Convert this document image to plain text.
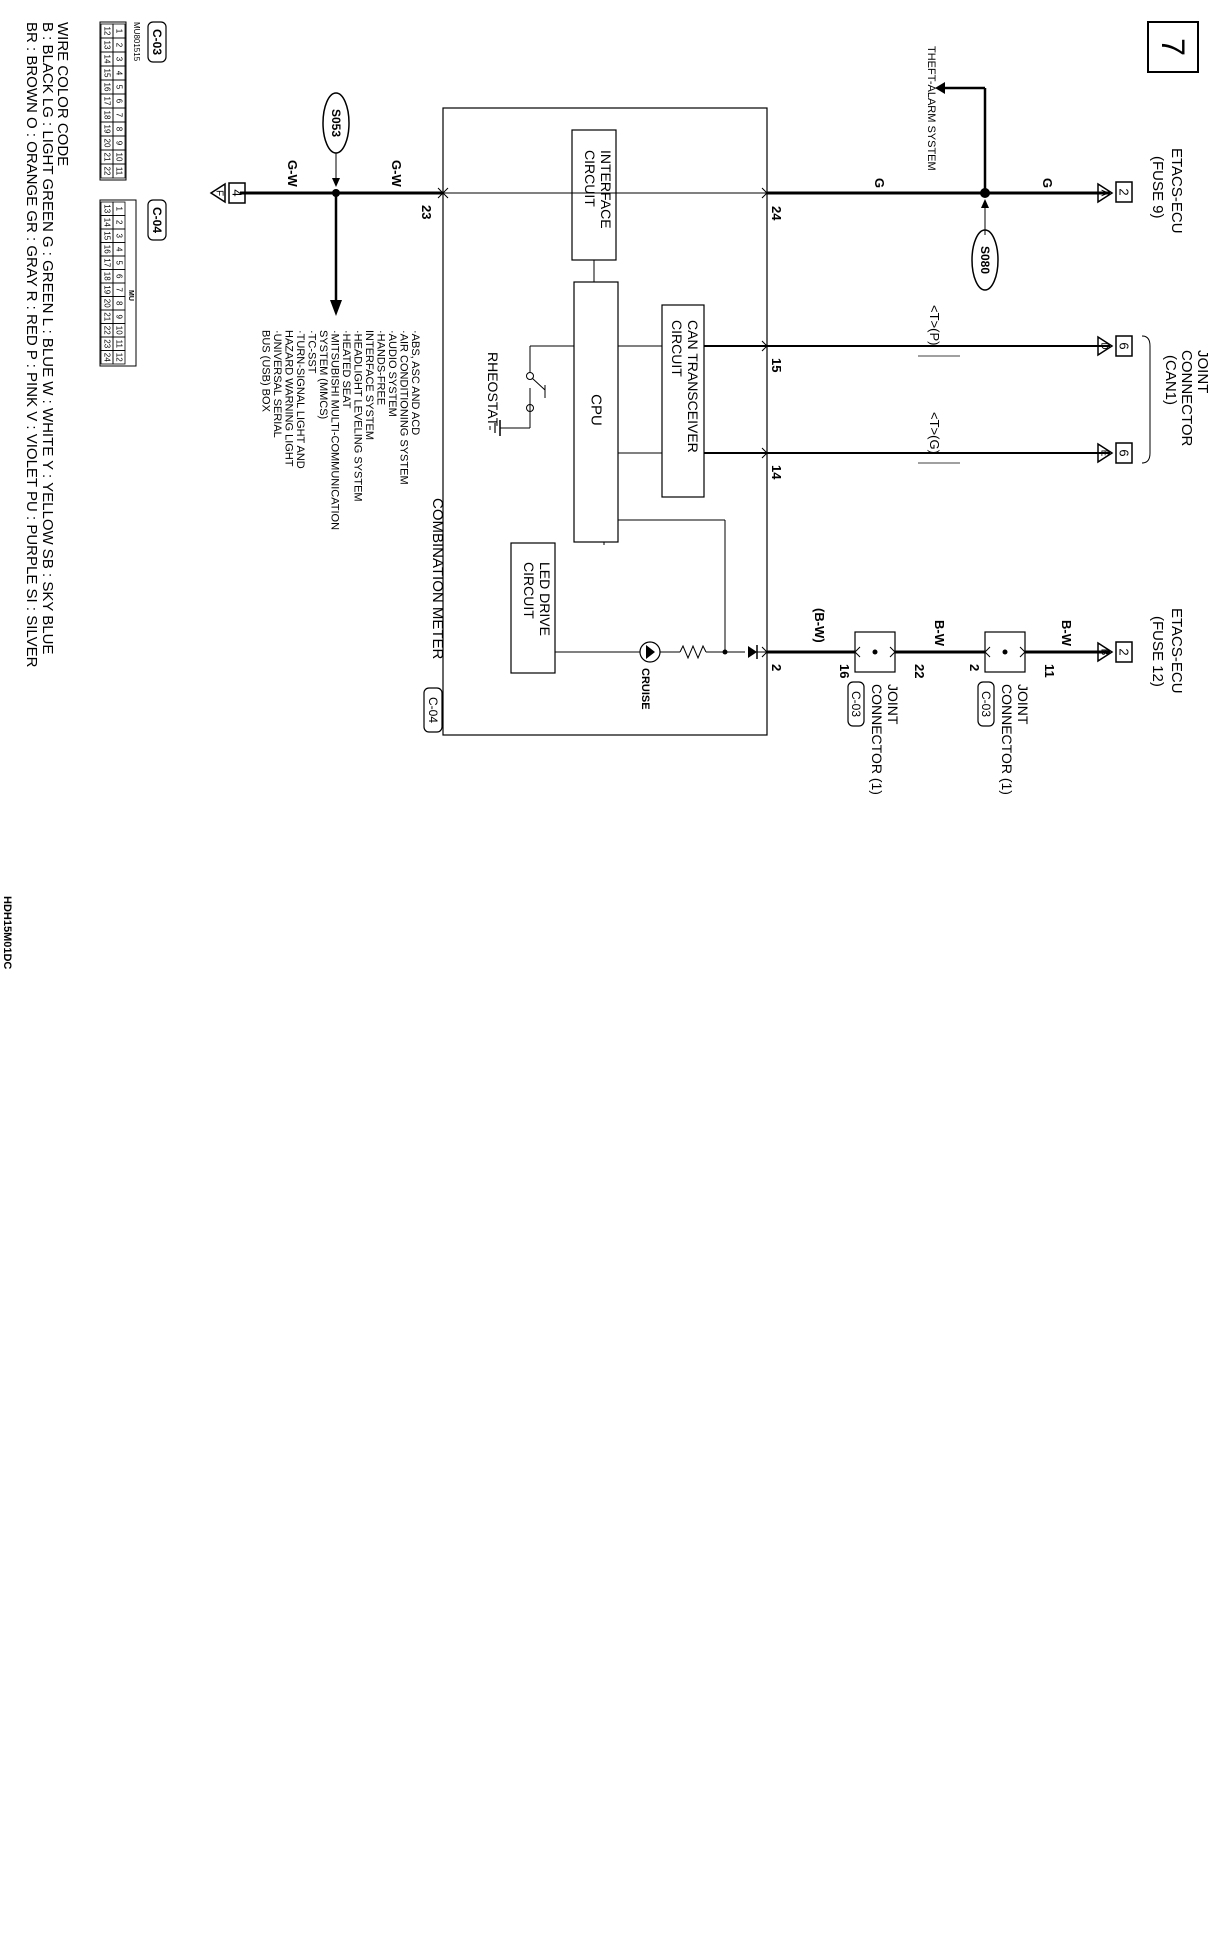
7
THEFT-ALARM SYSTEM
2
A	ETACS-ECU
(FUSE 9)
G
G
S080
24
INTERFACE
CIRCUIT
CPU	CAN TRANSCEIVER
CIRCUIT	15
14
<T>(P)
<T>(G)
6
D
6
E
JOINT
CONNECTOR
(CAN1)
RHEOSTAT
LED DRIVE
CIRCUIT
CRUISE
2
(B-W)	B-W	B-W
16	22	2	11
JOINT
CONNECTOR (1)
C-03	JOINT
CONNECTOR (1)
C-03
2
B	ETACS-ECU
(FUSE 12)
COMBINATION METER
C-04
23
G-W
G-W
S053
4
F
·ABS, ASC AND ACD
·AIR CONDITIONING SYSTEM
·AUDIO SYSTEM
·HANDS-FREE
INTERFACE SYSTEM
·HEADLIGHT LEVELING SYSTEM
·HEATED SEAT
·MITSUBISHI MULTI-COMMUNICATION
SYSTEM (MMCS)
·TC-SST
·TURN-SIGNAL LIGHT AND
HAZARD WARNING LIGHT
·UNIVERSAL SERIAL
BUS (USB) BOX
C-03
MU801515
1
2
3
4
5
6
7
8
9
10
11
12
13
14
15
16
17
18
19
20
21
22
C-04
MU
1
2
3
4
5
6
7
8
9
10
11
12
13
14
15
16
17
18
19
20
21
22
23
24
WIRE COLOR CODE
B : BLACK LG : LIGHT GREEN G : GREEN L : BLUE W : WHITE Y : YELLOW SB : SKY BLUE
BR : BROWN O : ORANGE GR : GRAY R : RED P : PINK V : VIOLET PU : PURPLE SI : SILVER
HDH15M01DC
